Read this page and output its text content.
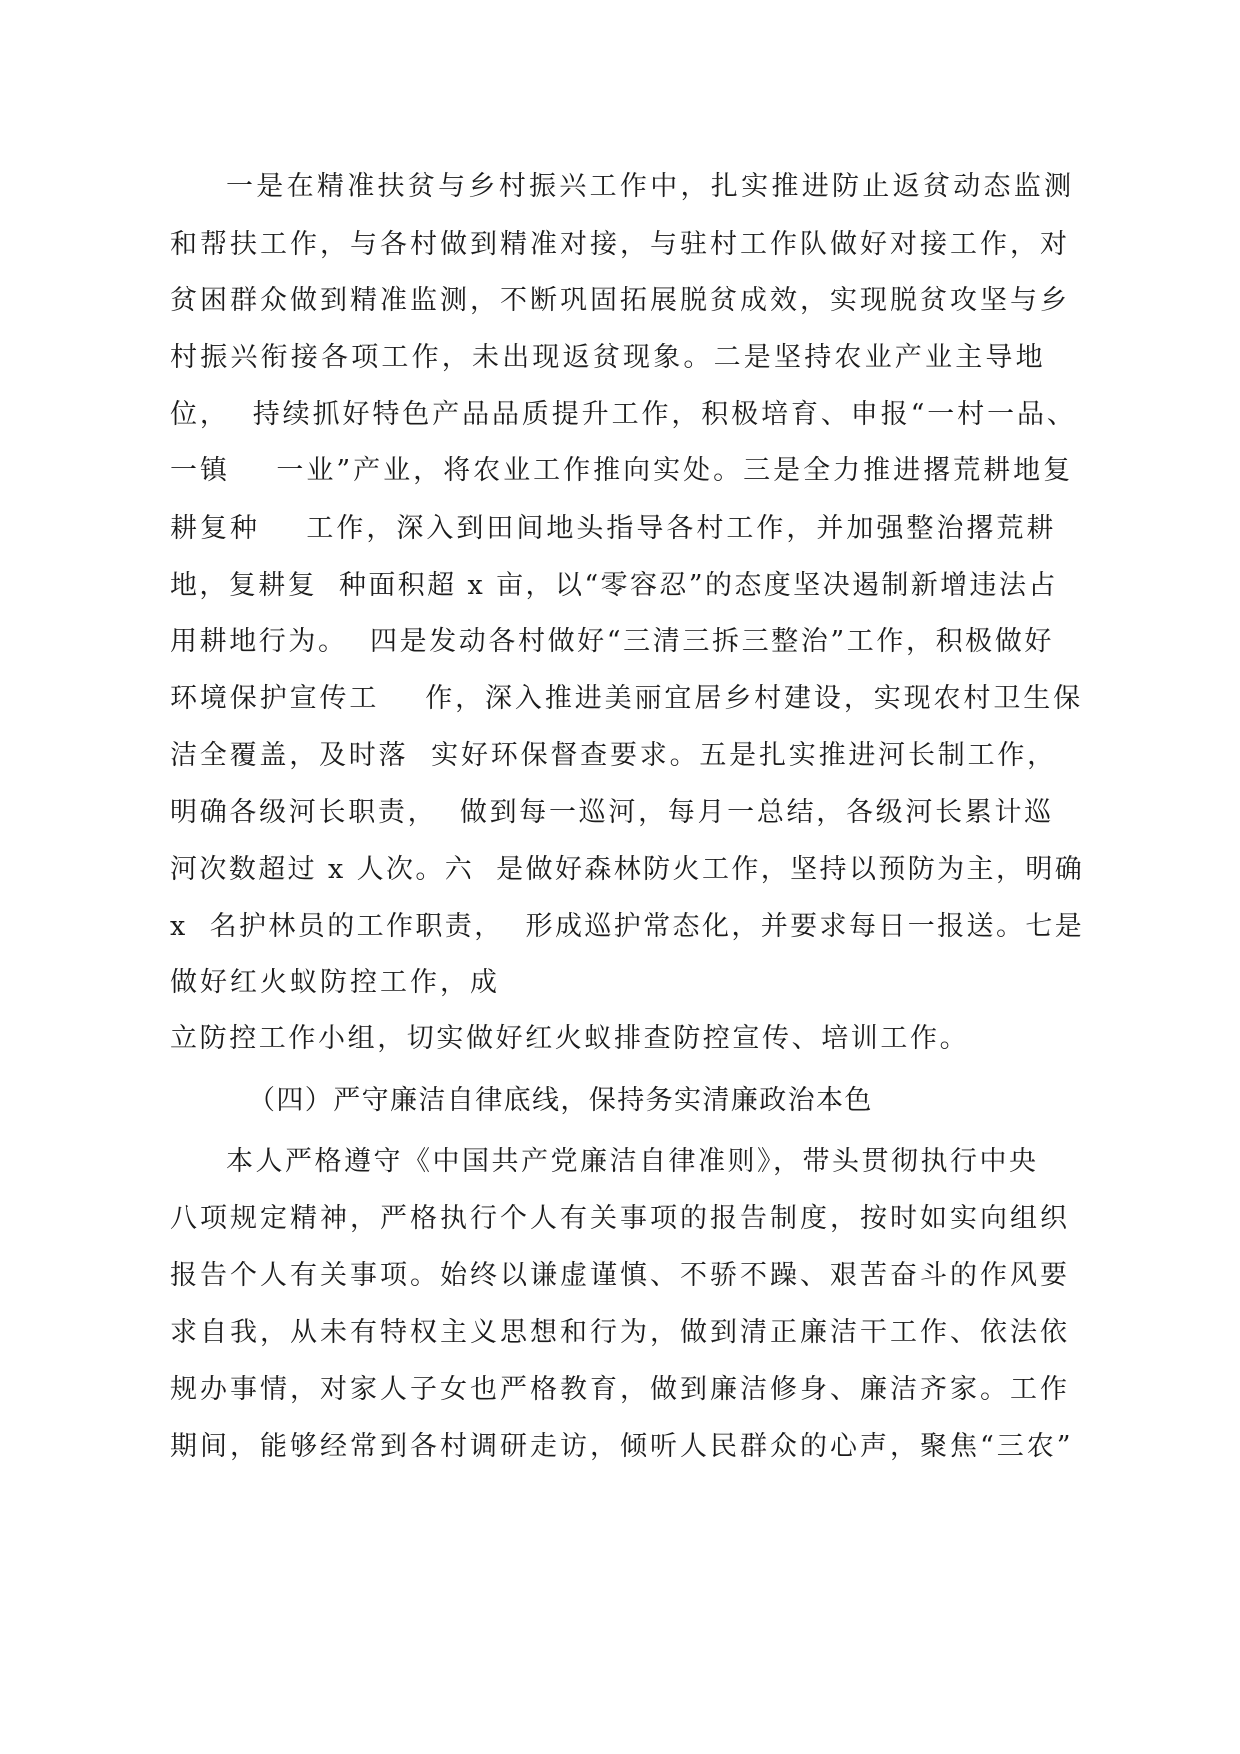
一是在精准扶贫与乡村振兴工作中，扎实推进防止返贫动态监测
和帮扶工作，与各村做到精准对接，与驻村工作队做好对接工作，对
贫困群众做到精准监测，不断巩固拓展脱贫成效，实现脱贫攻坚与乡
村振兴衔接各项工作，未出现返贫现象。二是坚持农业产业主导地
位，  持续抓好特色产品品质提升工作，积极培育、申报“一村一品、
一镇    一业”产业，将农业工作推向实处。三是全力推进撂荒耕地复
耕复种    工作，深入到田间地头指导各村工作，并加强整治撂荒耕
地，复耕复  种面积超 x 亩，以“零容忍”的态度坚决遏制新增违法占
用耕地行为。  四是发动各村做好“三清三拆三整治”工作，积极做好
环境保护宣传工    作，深入推进美丽宜居乡村建设，实现农村卫生保
洁全覆盖，及时落  实好环保督查要求。五是扎实推进河长制工作，
明确各级河长职责，  做到每一巡河，每月一总结，各级河长累计巡
河次数超过 x 人次。六  是做好森林防火工作，坚持以预防为主，明确
x  名护林员的工作职责，  形成巡护常态化，并要求每日一报送。七是
做好红火蚁防控工作，成
立防控工作小组，切实做好红火蚁排查防控宣传、培训工作。
（四）严守廉洁自律底线，保持务实清廉政治本色
本人严格遵守《中国共产党廉洁自律准则》，带头贯彻执行中央
八项规定精神，严格执行个人有关事项的报告制度，按时如实向组织
报告个人有关事项。始终以谦虚谨慎、不骄不躁、艰苦奋斗的作风要
求自我，从未有特权主义思想和行为，做到清正廉洁干工作、依法依
规办事情，对家人子女也严格教育，做到廉洁修身、廉洁齐家。工作
期间，能够经常到各村调研走访，倾听人民群众的心声，聚焦“三农”
